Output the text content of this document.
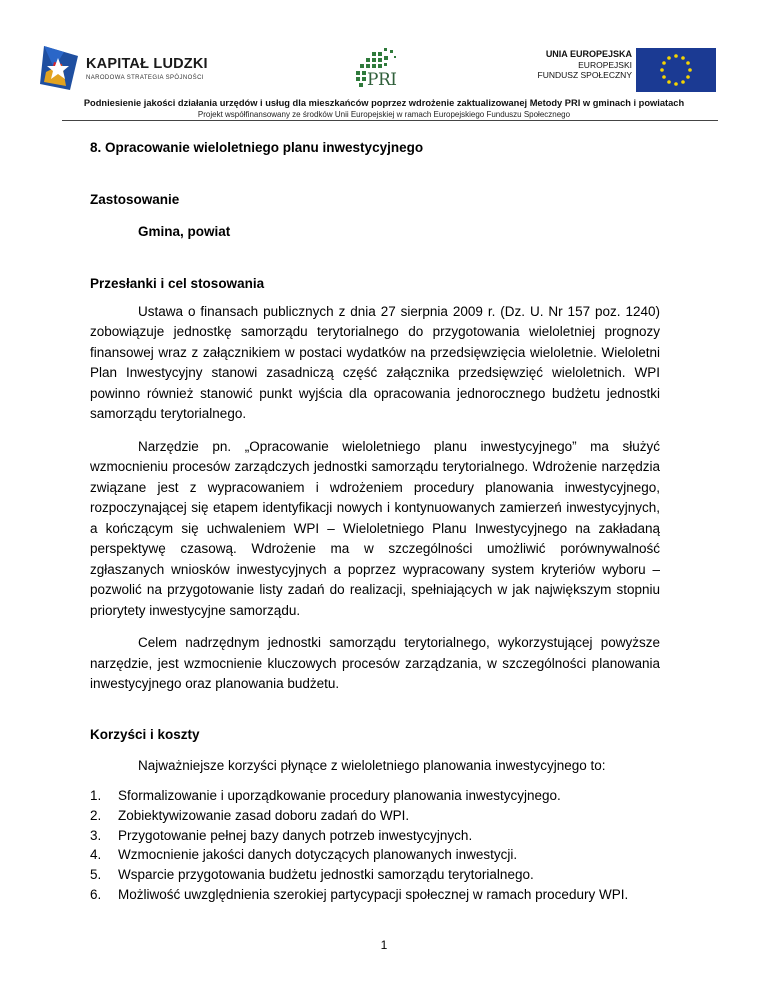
KAPITAŁ LUDZKI
NARODOWA STRATEGIA SPÓJNOŚCI	PRI
UNIA EUROPEJSKA
EUROPEJSKI
FUNDUSZ SPOŁECZNY
Podniesienie jakości działania urzędów i usług dla mieszkańców poprzez wdrożenie zaktualizowanej Metody PRI w gminach i powiatach
Projekt współfinansowany ze środków Unii Europejskiej w ramach Europejskiego Funduszu Społecznego
8. Opracowanie wieloletniego planu inwestycyjnego
Zastosowanie
Gmina, powiat
Przesłanki i cel stosowania

Ustawa o finansach publicznych z dnia 27 sierpnia 2009 r. (Dz. U. Nr 157 poz. 1240) zobowiązuje jednostkę samorządu terytorialnego do przygotowania wieloletniej prognozy finansowej wraz z załącznikiem w postaci wydatków na przedsięwzięcia wieloletnie. Wieloletni Plan Inwestycyjny stanowi zasadniczą część załącznika przedsięwzięć wieloletnich. WPI powinno również stanowić punkt wyjścia dla opracowania jednorocznego budżetu jednostki samorządu terytorialnego.

Narzędzie pn. „Opracowanie wieloletniego planu inwestycyjnego” ma służyć wzmocnieniu procesów zarządczych jednostki samorządu terytorialnego. Wdrożenie narzędzia związane jest z wypracowaniem i wdrożeniem procedury planowania inwestycyjnego, rozpoczynającej się etapem identyfikacji nowych i kontynuowanych zamierzeń inwestycyjnych, a kończącym się uchwaleniem WPI – Wieloletniego Planu Inwestycyjnego na zakładaną perspektywę czasową. Wdrożenie ma w szczególności umożliwić porównywalność zgłaszanych wniosków inwestycyjnych a poprzez wypracowany system kryteriów wyboru – pozwolić na przygotowanie listy zadań do realizacji, spełniających w jak największym stopniu priorytety inwestycyjne samorządu.

Celem nadrzędnym jednostki samorządu terytorialnego, wykorzystującej powyższe narzędzie, jest wzmocnienie kluczowych procesów zarządzania, w szczególności planowania inwestycyjnego oraz planowania budżetu.

Korzyści i koszty
Najważniejsze korzyści płynące z wieloletniego planowania inwestycyjnego to:
1. Sformalizowanie i uporządkowanie procedury planowania inwestycyjnego.
2. Zobiektywizowanie zasad doboru zadań do WPI.
3. Przygotowanie pełnej bazy danych potrzeb inwestycyjnych.
4. Wzmocnienie jakości danych dotyczących planowanych inwestycji.
5. Wsparcie przygotowania budżetu jednostki samorządu terytorialnego.
6. Możliwość uwzględnienia szerokiej partycypacji społecznej w ramach procedury WPI.
1
